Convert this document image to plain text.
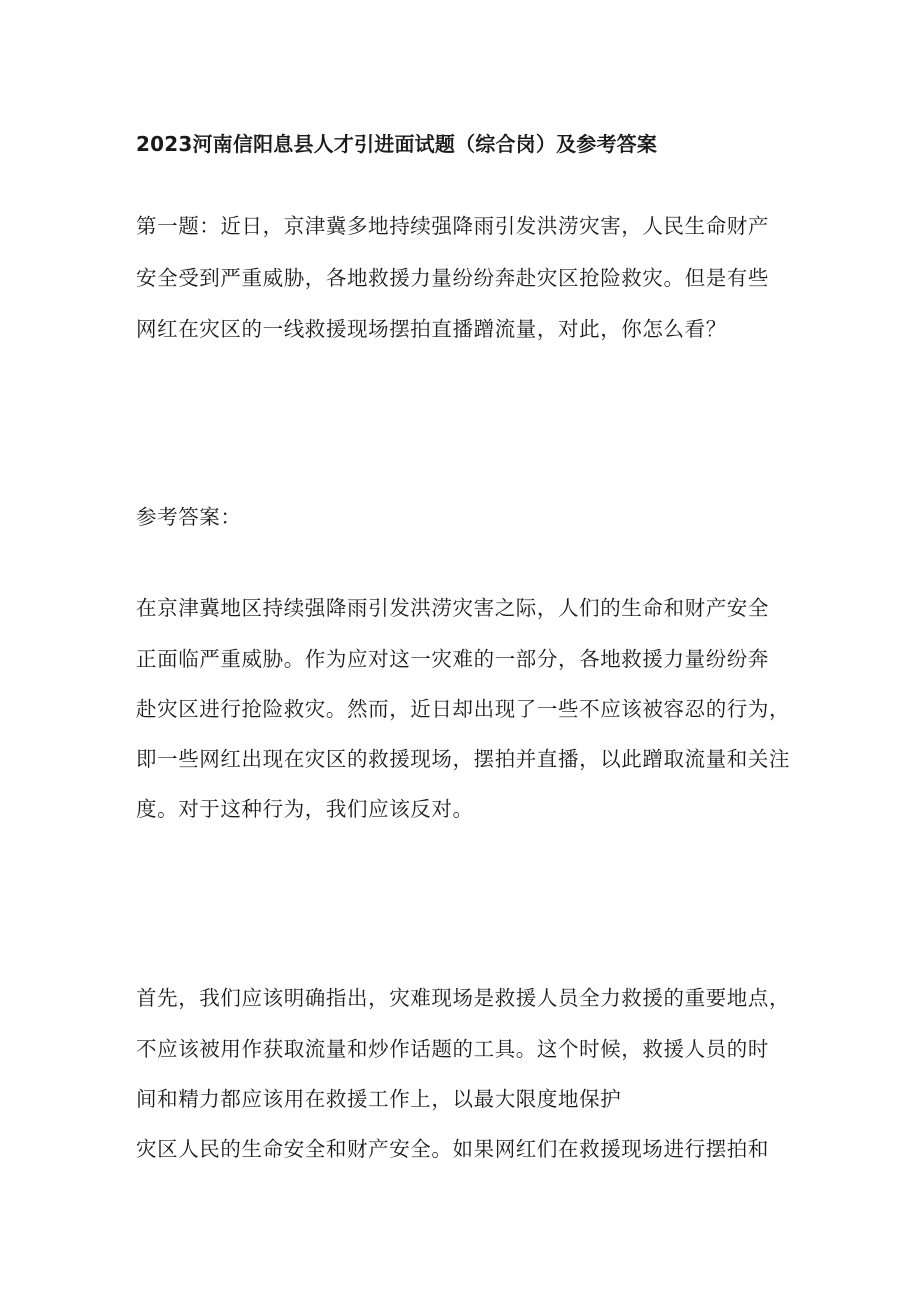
2023河南信阳息县人才引进面试题（综合岗）及参考答案
第一题：近日，京津冀多地持续强降雨引发洪涝灾害，人民生命财产
安全受到严重威胁，各地救援力量纷纷奔赴灾区抢险救灾。但是有些
网红在灾区的一线救援现场摆拍直播蹭流量，对此，你怎么看？
参考答案：
在京津冀地区持续强降雨引发洪涝灾害之际，人们的生命和财产安全
正面临严重威胁。作为应对这一灾难的一部分，各地救援力量纷纷奔
赴灾区进行抢险救灾。然而，近日却出现了一些不应该被容忍的行为，
即一些网红出现在灾区的救援现场，摆拍并直播，以此蹭取流量和关注
度。对于这种行为，我们应该反对。
首先，我们应该明确指出，灾难现场是救援人员全力救援的重要地点，
不应该被用作获取流量和炒作话题的工具。这个时候，救援人员的时
间和精力都应该用在救援工作上，以最大限度地保护
灾区人民的生命安全和财产安全。如果网红们在救援现场进行摆拍和
